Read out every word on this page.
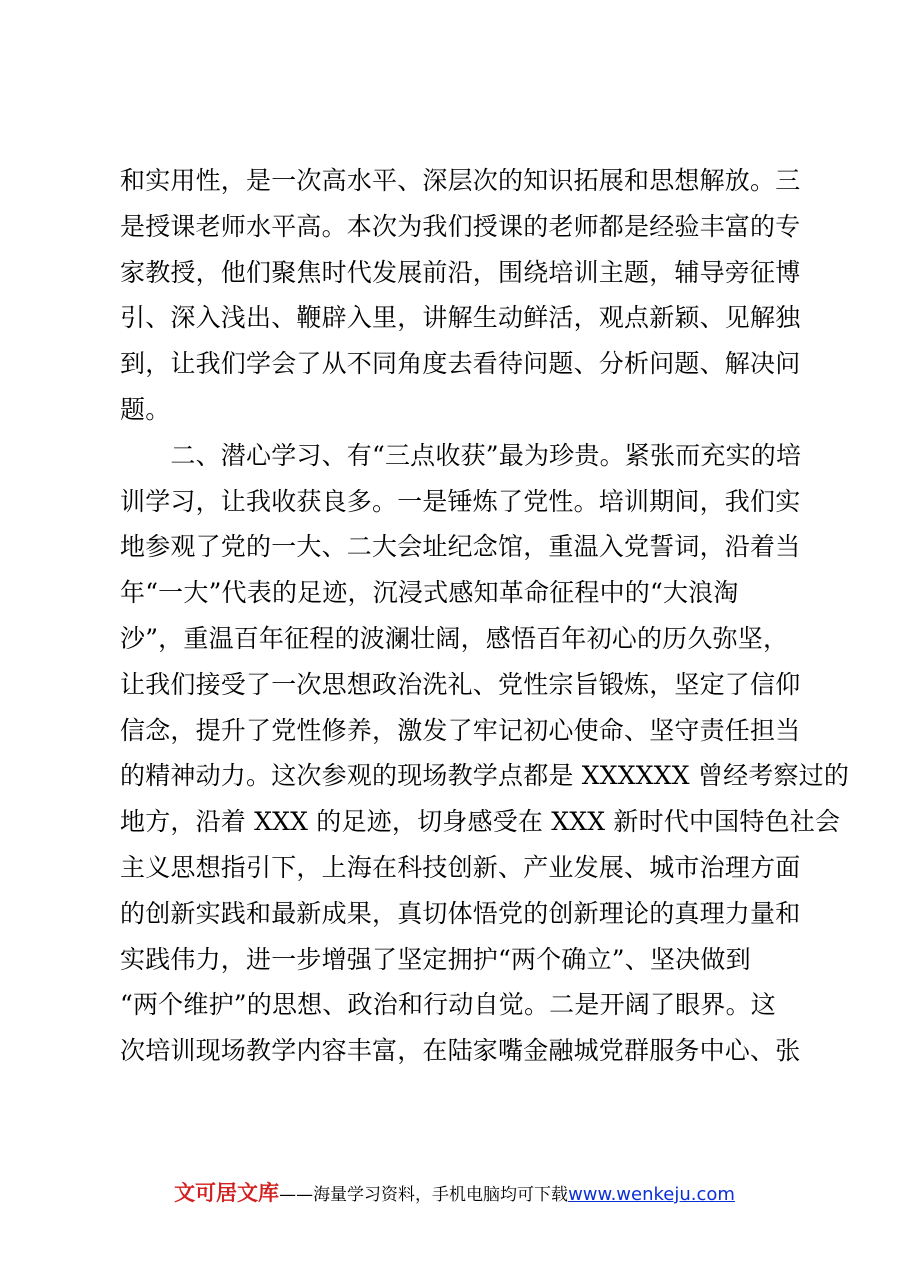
和实用性，是一次高水平、深层次的知识拓展和思想解放。三
是授课老师水平高。本次为我们授课的老师都是经验丰富的专
家教授，他们聚焦时代发展前沿，围绕培训主题，辅导旁征博
引、深入浅出、鞭辟入里，讲解生动鲜活，观点新颖、见解独
到，让我们学会了从不同角度去看待问题、分析问题、解决问
题。
　　二、潜心学习、有“三点收获”最为珍贵。紧张而充实的培
训学习，让我收获良多。一是锤炼了党性。培训期间，我们实
地参观了党的一大、二大会址纪念馆，重温入党誓词，沿着当
年“一大”代表的足迹，沉浸式感知革命征程中的“大浪淘
沙”，重温百年征程的波澜壮阔，感悟百年初心的历久弥坚，
让我们接受了一次思想政治洗礼、党性宗旨锻炼，坚定了信仰
信念，提升了党性修养，激发了牢记初心使命、坚守责任担当
的精神动力。这次参观的现场教学点都是 XXXXXX 曾经考察过的
地方，沿着 XXX 的足迹，切身感受在 XXX 新时代中国特色社会
主义思想指引下，上海在科技创新、产业发展、城市治理方面
的创新实践和最新成果，真切体悟党的创新理论的真理力量和
实践伟力，进一步增强了坚定拥护“两个确立”、坚决做到
“两个维护”的思想、政治和行动自觉。二是开阔了眼界。这
次培训现场教学内容丰富，在陆家嘴金融城党群服务中心、张
文可居文库——海量学习资料，手机电脑均可下载www.wenkeju.com
